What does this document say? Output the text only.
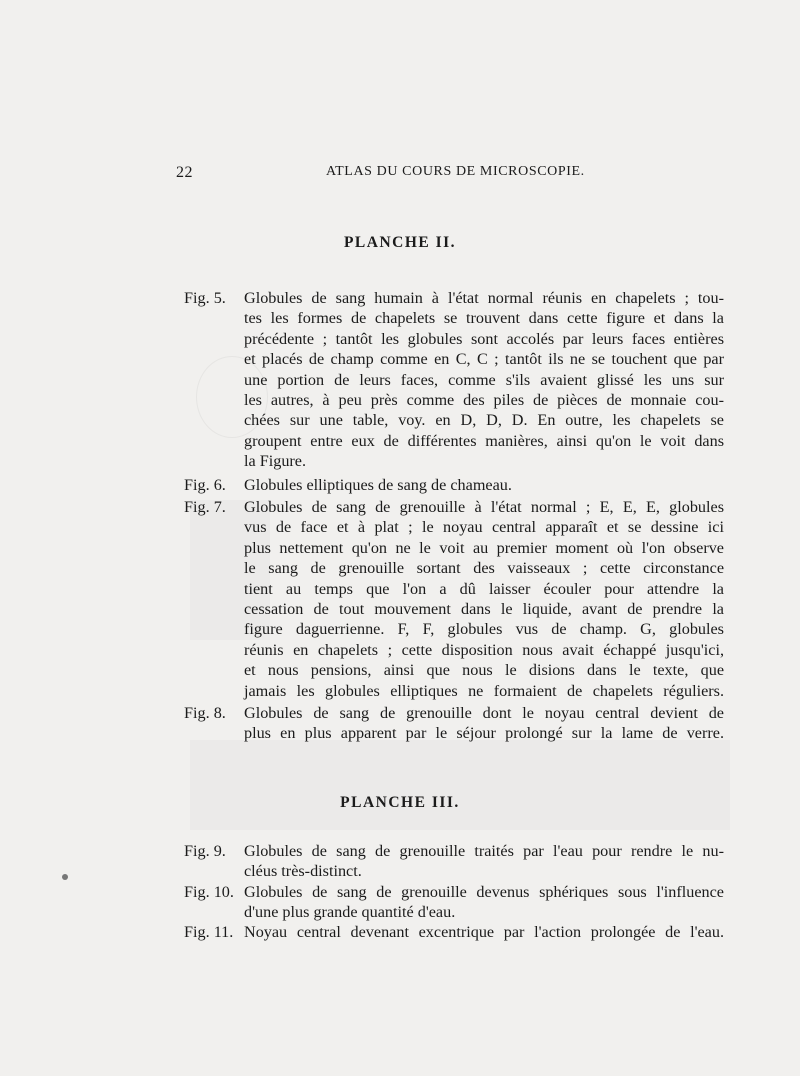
22	ATLAS DU COURS DE MICROSCOPIE.
PLANCHE II.
Fig. 5.	Globules de sang humain à l'état normal réunis en chapelets ; tou-
tes les formes de chapelets se trouvent dans cette figure et dans la
précédente ; tantôt les globules sont accolés par leurs faces entières
et placés de champ comme en C, C ; tantôt ils ne se touchent que par
une portion de leurs faces, comme s'ils avaient glissé les uns sur
les autres, à peu près comme des piles de pièces de monnaie cou-
chées sur une table, voy. en D, D, D. En outre, les chapelets se
groupent entre eux de différentes manières, ainsi qu'on le voit dans
la Figure.
Fig. 6.	Globules elliptiques de sang de chameau.
Fig. 7.	Globules de sang de grenouille à l'état normal ; E, E, E, globules
vus de face et à plat ; le noyau central apparaît et se dessine ici
plus nettement qu'on ne le voit au premier moment où l'on observe
le sang de grenouille sortant des vaisseaux ; cette circonstance
tient au temps que l'on a dû laisser écouler pour attendre la
cessation de tout mouvement dans le liquide, avant de prendre la
figure daguerrienne. F, F, globules vus de champ. G, globules
réunis en chapelets ; cette disposition nous avait échappé jusqu'ici,
et nous pensions, ainsi que nous le disions dans le texte, que
jamais les globules elliptiques ne formaient de chapelets réguliers.
Fig. 8.	Globules de sang de grenouille dont le noyau central devient de
plus en plus apparent par le séjour prolongé sur la lame de verre.
PLANCHE III.
Fig. 9.	Globules de sang de grenouille traités par l'eau pour rendre le nu-
cléus très-distinct.
Fig. 10. Globules de sang de grenouille devenus sphériques sous l'influence
d'une plus grande quantité d'eau.
Fig. 11. Noyau central devenant excentrique par l'action prolongée de l'eau.
